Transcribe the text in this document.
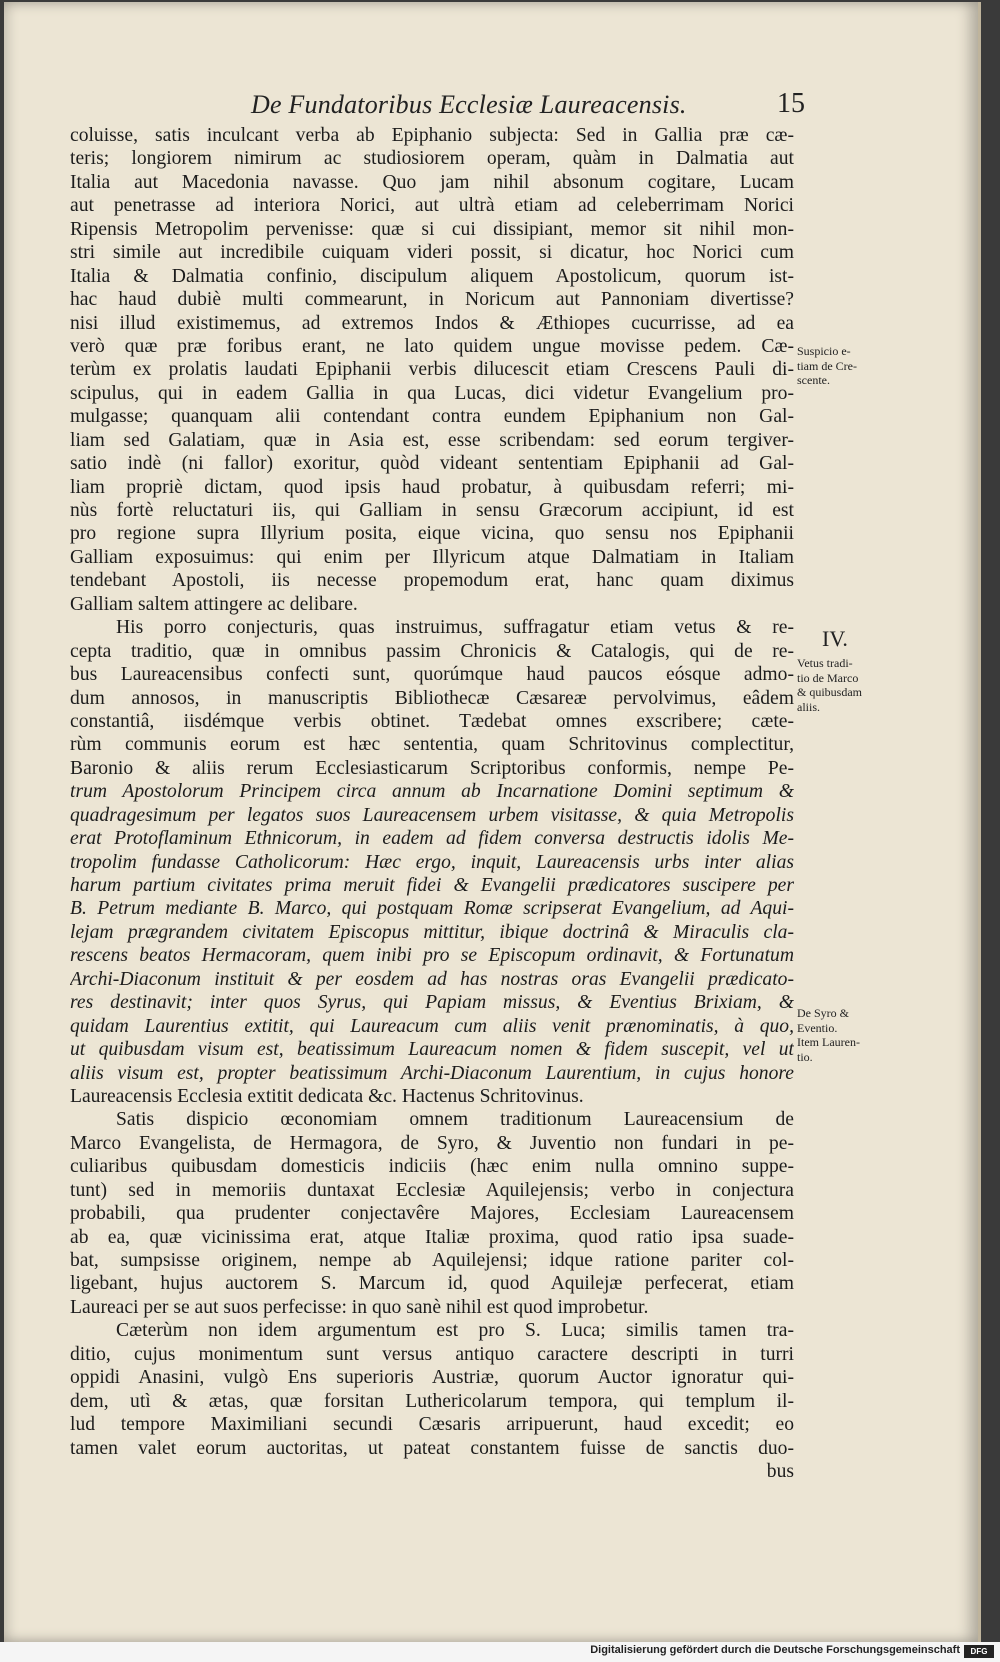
De Fundatoribus Ecclesiæ Laureacensis.	15
coluisse, satis inculcant verba ab Epiphanio subjecta: Sed in Gallia præ cæ-
teris; longiorem nimirum ac studiosiorem operam, quàm in Dalmatia aut
Italia aut Macedonia navasse. Quo jam nihil absonum cogitare, Lucam
aut penetrasse ad interiora Norici, aut ultrà etiam ad celeberrimam Norici
Ripensis Metropolim pervenisse: quæ si cui dissipiant, memor sit nihil mon-
stri simile aut incredibile cuiquam videri possit, si dicatur, hoc Norici cum
Italia & Dalmatia confinio, discipulum aliquem Apostolicum, quorum ist-
hac haud dubiè multi commearunt, in Noricum aut Pannoniam divertisse?
nisi illud existimemus, ad extremos Indos & Æthiopes cucurrisse, ad ea
verò quæ præ foribus erant, ne lato quidem ungue movisse pedem. Cæ-
terùm ex prolatis laudati Epiphanii verbis dilucescit etiam Crescens Pauli di-
scipulus, qui in eadem Gallia in qua Lucas, dici videtur Evangelium pro-
mulgasse; quanquam alii contendant contra eundem Epiphanium non Gal-
liam sed Galatiam, quæ in Asia est, esse scribendam: sed eorum tergiver-
satio indè (ni fallor) exoritur, quòd videant sententiam Epiphanii ad Gal-
liam propriè dictam, quod ipsis haud probatur, à quibusdam referri; mi-
nùs fortè reluctaturi iis, qui Galliam in sensu Græcorum accipiunt, id est
pro regione supra Illyrium posita, eique vicina, quo sensu nos Epiphanii
Galliam exposuimus: qui enim per Illyricum atque Dalmatiam in Italiam
tendebant Apostoli, iis necesse propemodum erat, hanc quam diximus
Galliam saltem attingere ac delibare.
His porro conjecturis, quas instruimus, suffragatur etiam vetus & re-
cepta traditio, quæ in omnibus passim Chronicis & Catalogis, qui de re-
bus Laureacensibus confecti sunt, quorúmque haud paucos eósque admo-
dum annosos, in manuscriptis Bibliothecæ Cæsareæ pervolvimus, eâdem
constantiâ, iisdémque verbis obtinet. Tædebat omnes exscribere; cæte-
rùm communis eorum est hæc sententia, quam Schritovinus complectitur,
Baronio & aliis rerum Ecclesiasticarum Scriptoribus conformis, nempe Pe-
trum Apostolorum Principem circa annum ab Incarnatione Domini septimum &
quadragesimum per legatos suos Laureacensem urbem visitasse, & quia Metropolis
erat Protoflaminum Ethnicorum, in eadem ad fidem conversa destructis idolis Me-
tropolim fundasse Catholicorum: Hæc ergo, inquit, Laureacensis urbs inter alias
harum partium civitates prima meruit fidei & Evangelii prædicatores suscipere per
B. Petrum mediante B. Marco, qui postquam Romæ scripserat Evangelium, ad Aqui-
lejam prægrandem civitatem Episcopus mittitur, ibique doctrinâ & Miraculis cla-
rescens beatos Hermacoram, quem inibi pro se Episcopum ordinavit, & Fortunatum
Archi-Diaconum instituit & per eosdem ad has nostras oras Evangelii prædicato-
res destinavit; inter quos Syrus, qui Papiam missus, & Eventius Brixiam, &
quidam Laurentius extitit, qui Laureacum cum aliis venit prænominatis, à quo,
ut quibusdam visum est, beatissimum Laureacum nomen & fidem suscepit, vel ut
aliis visum est, propter beatissimum Archi-Diaconum Laurentium, in cujus honore
Laureacensis Ecclesia extitit dedicata &c. Hactenus Schritovinus.
Satis dispicio œconomiam omnem traditionum Laureacensium de
Marco Evangelista, de Hermagora, de Syro, & Juventio non fundari in pe-
culiaribus quibusdam domesticis indiciis (hæc enim nulla omnino suppe-
tunt) sed in memoriis duntaxat Ecclesiæ Aquilejensis; verbo in conjectura
probabili, qua prudenter conjectavêre Majores, Ecclesiam Laureacensem
ab ea, quæ vicinissima erat, atque Italiæ proxima, quod ratio ipsa suade-
bat, sumpsisse originem, nempe ab Aquilejensi; idque ratione pariter col-
ligebant, hujus auctorem S. Marcum id, quod Aquilejæ perfecerat, etiam
Laureaci per se aut suos perfecisse: in quo sanè nihil est quod improbetur.
Cæterùm non idem argumentum est pro S. Luca; similis tamen tra-
ditio, cujus monimentum sunt versus antiquo caractere descripti in turri
oppidi Anasini, vulgò Ens superioris Austriæ, quorum Auctor ignoratur qui-
dem, utì & ætas, quæ forsitan Luthericolarum tempora, qui templum il-
lud tempore Maximiliani secundi Cæsaris arripuerunt, haud excedit; eo
tamen valet eorum auctoritas, ut pateat constantem fuisse de sanctis duo-
bus
Suspicio e-
tiam de Cre-
scente.
IV.
Vetus tradi-
tio de Marco
& quibusdam
aliis.
De Syro &
Eventio.
Item Lauren-
tio.
Digitalisierung gefördert durch die Deutsche Forschungsgemeinschaft	DFG
